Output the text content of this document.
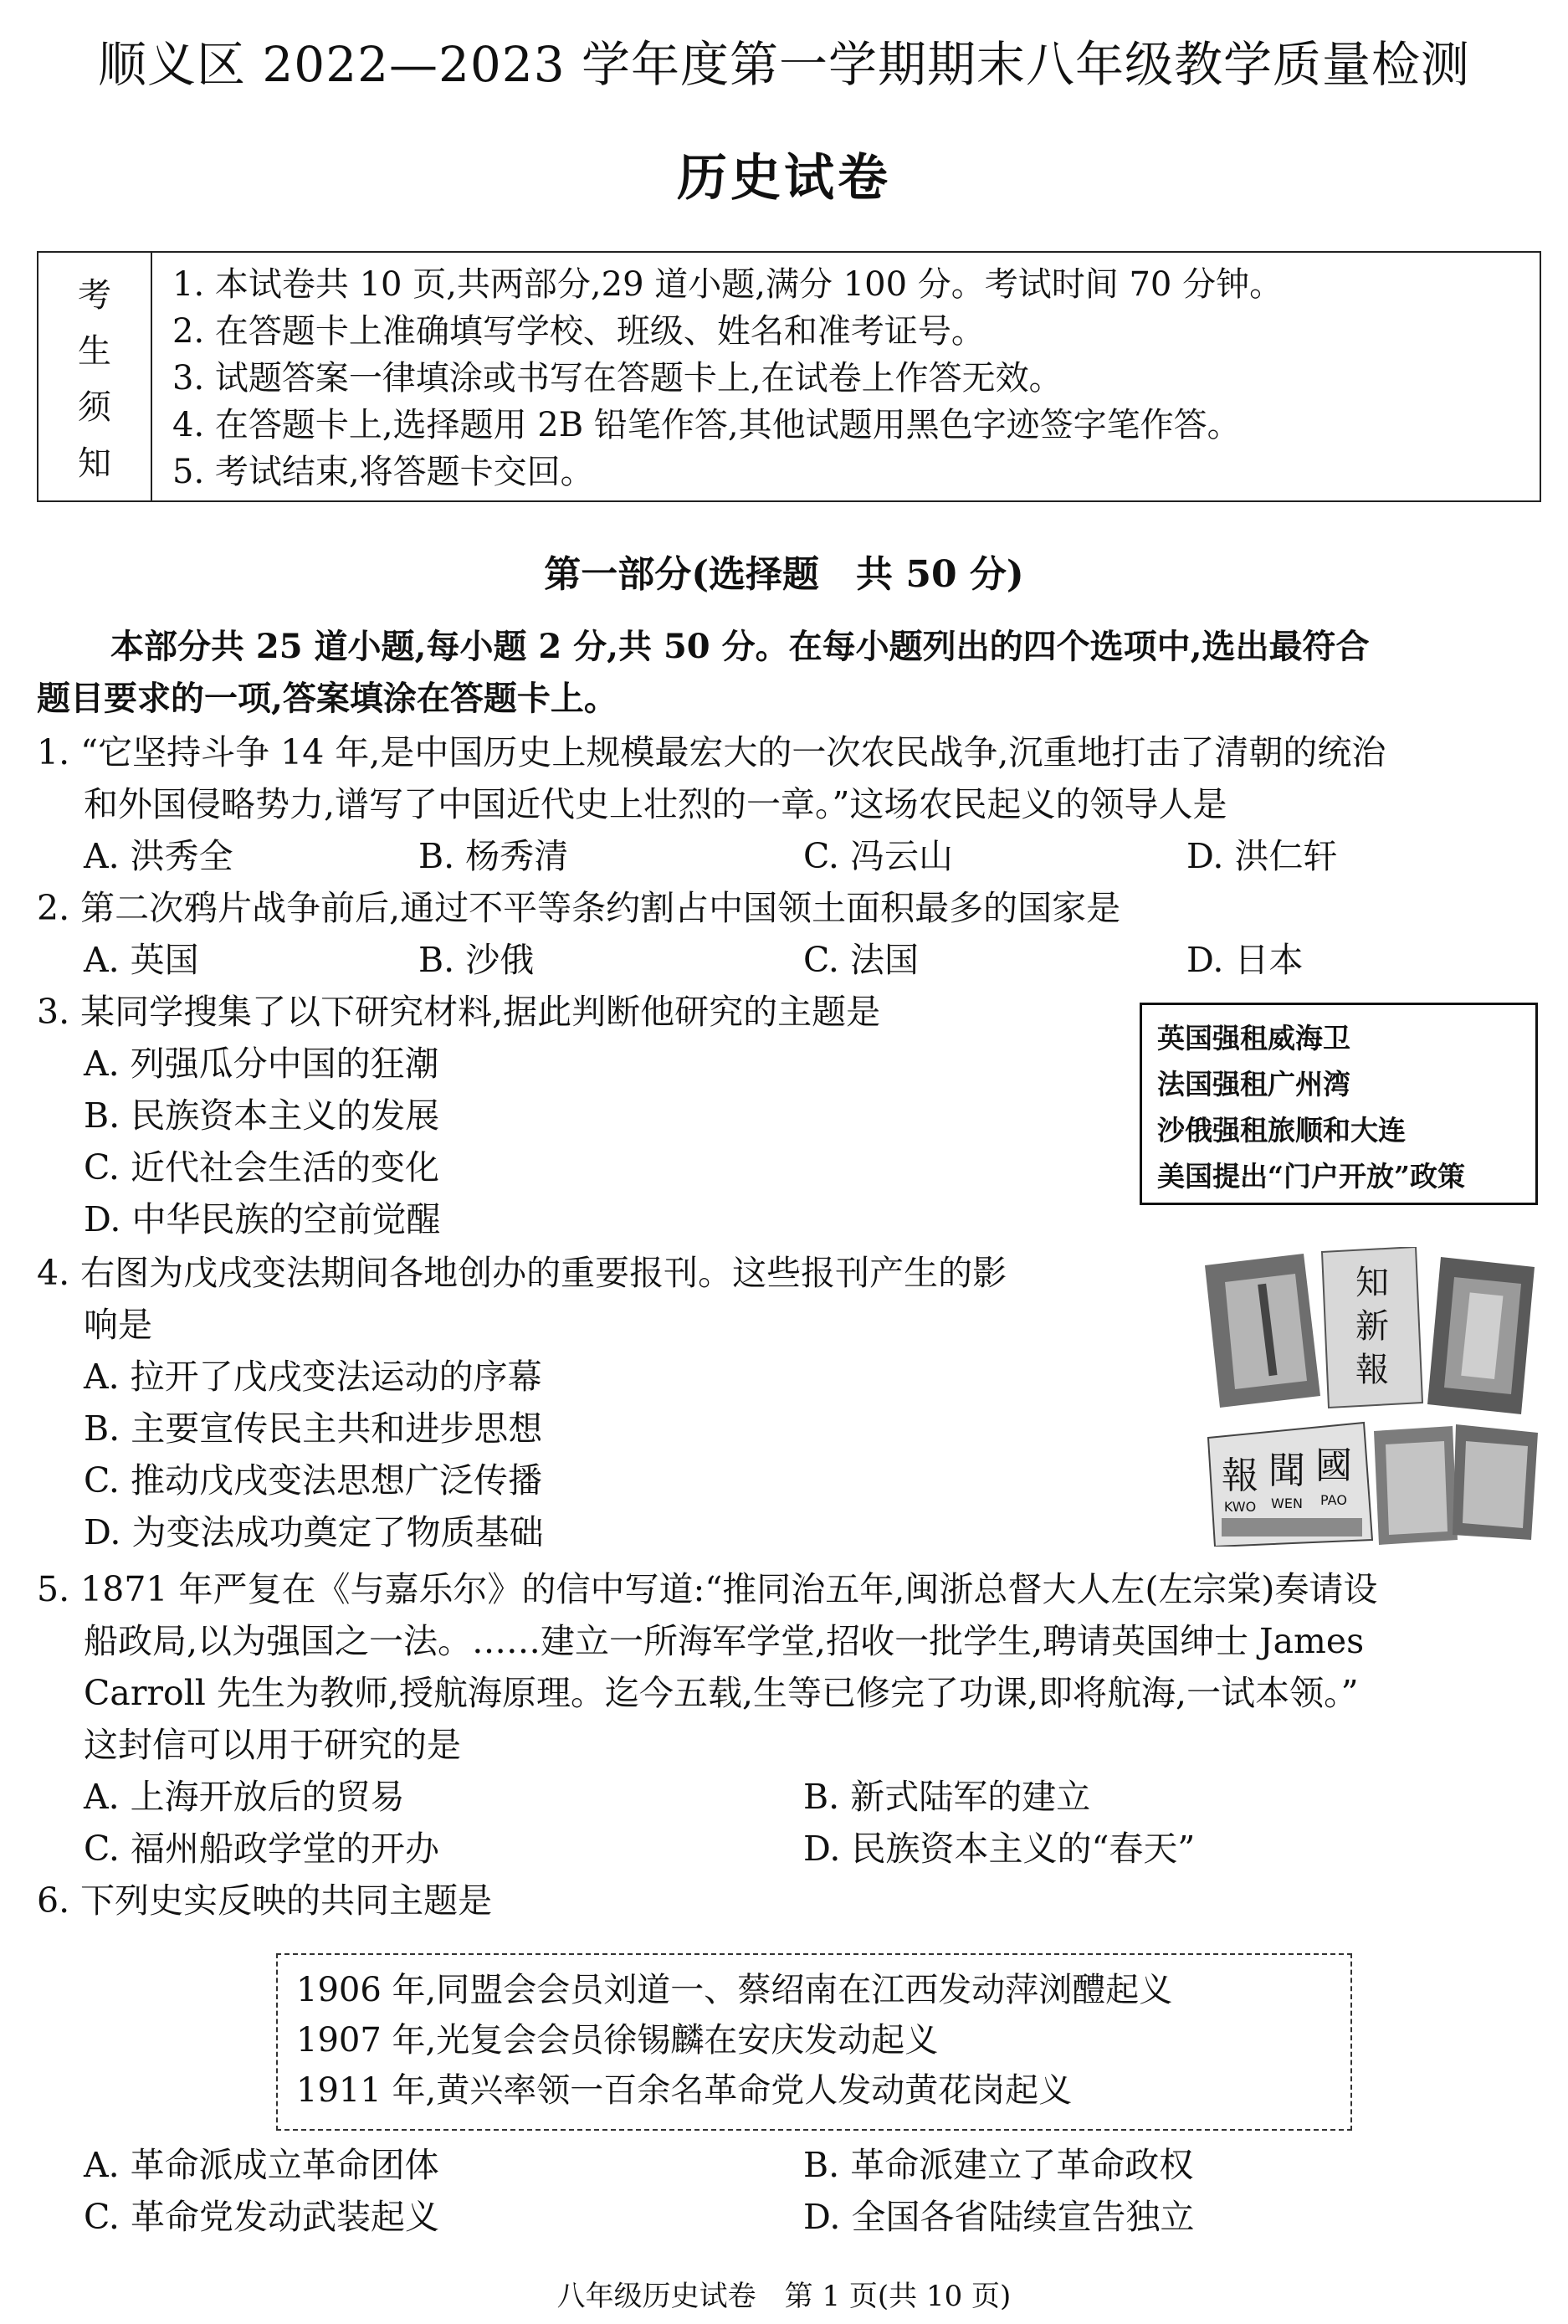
顺义区 2022—2023 学年度第一学期期末八年级教学质量检测
历史试卷
考
生
须
知
1. 本试卷共 10 页,共两部分,29 道小题,满分 100 分。考试时间 70 分钟。
2. 在答题卡上准确填写学校、班级、姓名和准考证号。
3. 试题答案一律填涂或书写在答题卡上,在试卷上作答无效。
4. 在答题卡上,选择题用 2B 铅笔作答,其他试题用黑色字迹签字笔作答。
5. 考试结束,将答题卡交回。
第一部分(选择题　共 50 分)
本部分共 25 道小题,每小题 2 分,共 50 分。在每小题列出的四个选项中,选出最符合
题目要求的一项,答案填涂在答题卡上。
1. “它坚持斗争 14 年,是中国历史上规模最宏大的一次农民战争,沉重地打击了清朝的统治
和外国侵略势力,谱写了中国近代史上壮烈的一章。”这场农民起义的领导人是
A. 洪秀全	B. 杨秀清	C. 冯云山	D. 洪仁轩
2. 第二次鸦片战争前后,通过不平等条约割占中国领土面积最多的国家是
A. 英国	B. 沙俄	C. 法国	D. 日本
3. 某同学搜集了以下研究材料,据此判断他研究的主题是
英国强租威海卫
法国强租广州湾
沙俄强租旅顺和大连
美国提出“门户开放”政策
A. 列强瓜分中国的狂潮
B. 民族资本主义的发展
C. 近代社会生活的变化
D. 中华民族的空前觉醒
4. 右图为戊戌变法期间各地创办的重要报刊。这些报刊产生的影
响是
知
新
報
報 聞 國
KWO WEN PAO
A. 拉开了戊戌变法运动的序幕
B. 主要宣传民主共和进步思想
C. 推动戊戌变法思想广泛传播
D. 为变法成功奠定了物质基础
5. 1871 年严复在《与嘉乐尔》的信中写道:“推同治五年,闽浙总督大人左(左宗棠)奏请设
船政局,以为强国之一法。……建立一所海军学堂,招收一批学生,聘请英国绅士 James
Carroll 先生为教师,授航海原理。迄今五载,生等已修完了功课,即将航海,一试本领。”
这封信可以用于研究的是
A. 上海开放后的贸易	B. 新式陆军的建立
C. 福州船政学堂的开办	D. 民族资本主义的“春天”
6. 下列史实反映的共同主题是
1906 年,同盟会会员刘道一、蔡绍南在江西发动萍浏醴起义
1907 年,光复会会员徐锡麟在安庆发动起义
1911 年,黄兴率领一百余名革命党人发动黄花岗起义
A. 革命派成立革命团体	B. 革命派建立了革命政权
C. 革命党发动武装起义	D. 全国各省陆续宣告独立
八年级历史试卷　第 1 页(共 10 页)
